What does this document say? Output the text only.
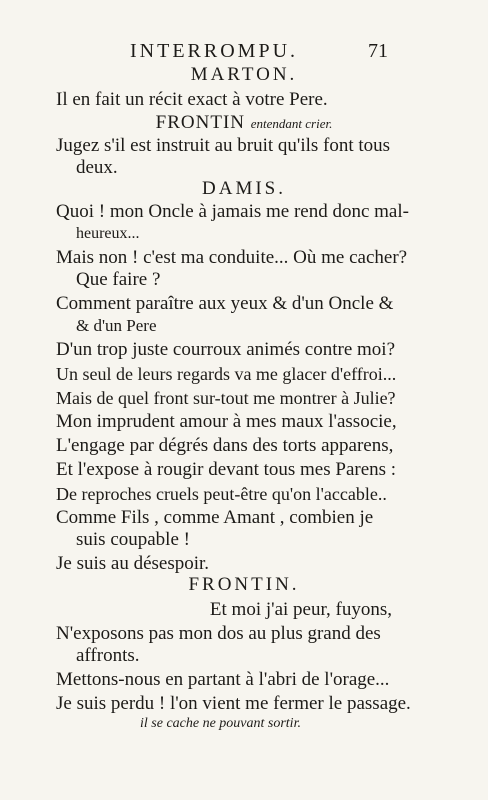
INTERROMPU.	71
MARTON.
Il en fait un récit exact à votre Pere.
FRONTIN entendant crier.
Jugez s'il est instruit au bruit qu'ils font tous
deux.
DAMIS.
Quoi ! mon Oncle à jamais me rend donc mal-
heureux...
Mais non ! c'est ma conduite... Où me cacher?
Que faire ?
Comment paraître aux yeux & d'un Oncle &
& d'un Pere
D'un trop juste courroux animés contre moi?
Un seul de leurs regards va me glacer d'effroi...
Mais de quel front sur-tout me montrer à Julie?
Mon imprudent amour à mes maux l'associe,
L'engage par dégrés dans des torts apparens,
Et l'expose à rougir devant tous mes Parens :
De reproches cruels peut-être qu'on l'accable..
Comme Fils , comme Amant , combien je
suis coupable !
Je suis au désespoir.
FRONTIN.
Et moi j'ai peur, fuyons,
N'exposons pas mon dos au plus grand des
affronts.
Mettons-nous en partant à l'abri de l'orage...
Je suis perdu ! l'on vient me fermer le passage.
il se cache ne pouvant sortir.
